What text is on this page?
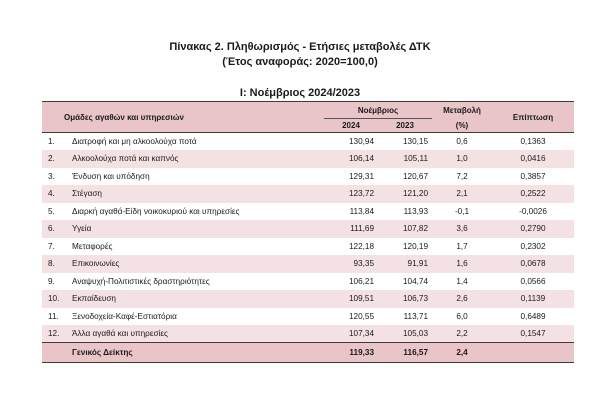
Πίνακας 2. Πληθωρισμός - Ετήσιες μεταβολές ΔΤΚ
(Έτος αναφοράς: 2020=100,0)
Ι: Νοέμβριος 2024/2023
Ομάδες αγαθών και υπηρεσιών		Νοέμβριος		Μεταβολή	Επίπτωση
		2024	2023	(%)	
1.	Διατροφή και μη αλκοολούχα ποτά	130,94	130,15	0,6	0,1363
2.	Αλκοολούχα ποτά και καπνός	106,14	105,11	1,0	0,0416
3.	Ένδυση και υπόδηση	129,31	120,67	7,2	0,3857
4.	Στέγαση	123,72	121,20	2,1	0,2522
5.	Διαρκή αγαθά-Είδη νοικοκυριού και υπηρεσίες	113,84	113,93	-0,1	-0,0026
6.	Υγεία	111,69	107,82	3,6	0,2790
7.	Μεταφορές	122,18	120,19	1,7	0,2302
8.	Επικοινωνίες	93,35	91,91	1,6	0,0678
9.	Αναψυχή-Πολιτιστικές δραστηριότητες	106,21	104,74	1,4	0,0566
10.	Εκπαίδευση	109,51	106,73	2,6	0,1139
11.	Ξενοδοχεία-Καφέ-Εστιατόρια	120,55	113,71	6,0	0,6489
12.	Άλλα αγαθά και υπηρεσίες	107,34	105,03	2,2	0,1547
	Γενικός Δείκτης	119,33	116,57	2,4	
